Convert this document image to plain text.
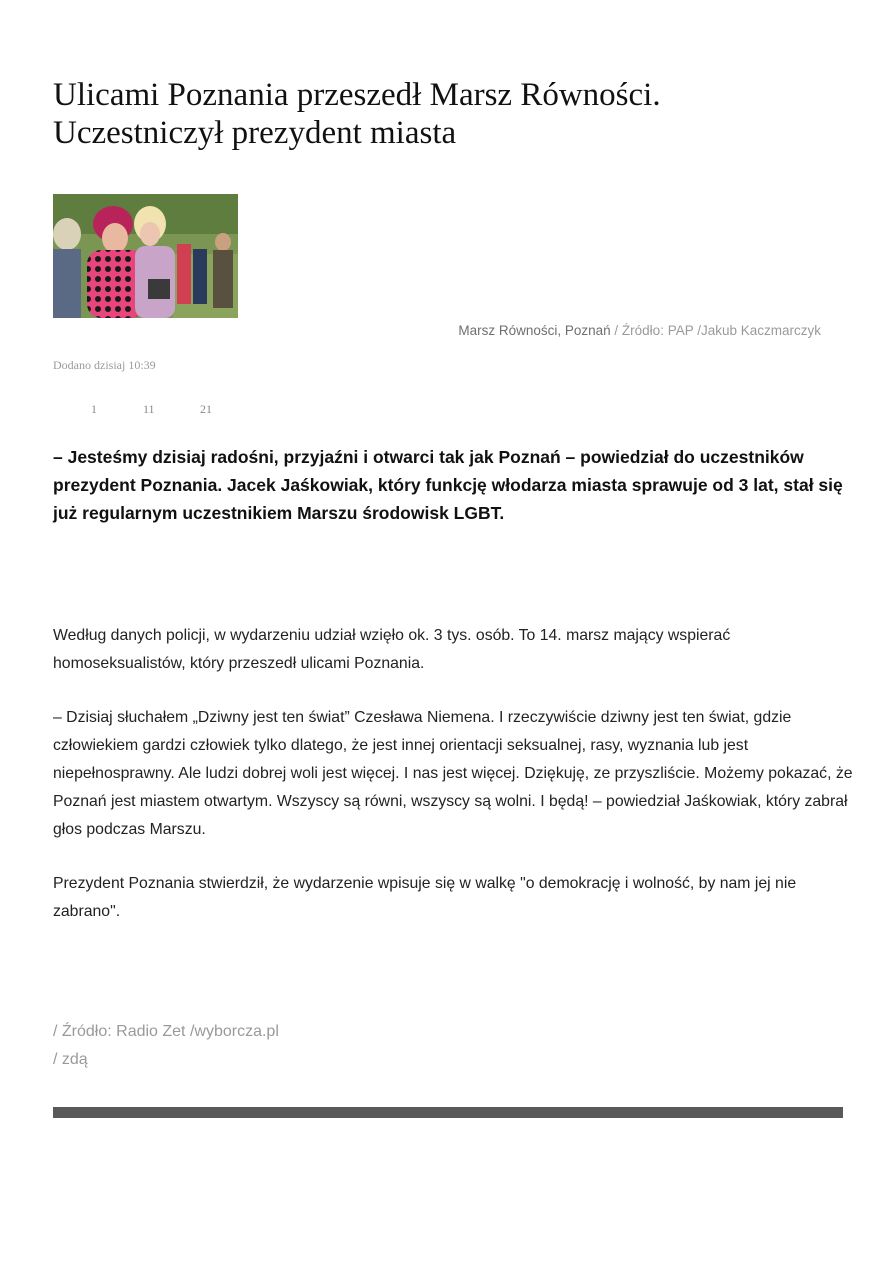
Ulicami Poznania przeszedł Marsz Równości.
Uczestniczył prezydent miasta
Marsz Równości, Poznań / Źródło: PAP /Jakub Kaczmarczyk
Dodano dzisiaj 10:39
1	11	21

– Jesteśmy dzisiaj radośni, przyjaźni i otwarci tak jak Poznań – powiedział do uczestników prezydent Poznania. Jacek Jaśkowiak, który funkcję włodarza miasta sprawuje od 3 lat, stał się już regularnym uczestnikiem Marszu środowisk LGBT.

Według danych policji, w wydarzeniu udział wzięło ok. 3 tys. osób. To 14. marsz mający wspierać homoseksualistów, który przeszedł ulicami Poznania.

– Dzisiaj słuchałem „Dziwny jest ten świat” Czesława Niemena. I rzeczywiście dziwny jest ten świat, gdzie człowiekiem gardzi człowiek tylko dlatego, że jest innej orientacji seksualnej, rasy, wyznania lub jest niepełnosprawny. Ale ludzi dobrej woli jest więcej. I nas jest więcej. Dziękuję, ze przyszliście. Możemy pokazać, że Poznań jest miastem otwartym. Wszyscy są równi, wszyscy są wolni. I będą! – powiedział Jaśkowiak, który zabrał głos podczas Marszu.

Prezydent Poznania stwierdził, że wydarzenie wpisuje się w walkę "o demokrację i wolność, by nam jej nie zabrano".

/ Źródło: Radio Zet /wyborcza.pl
/ zdą
